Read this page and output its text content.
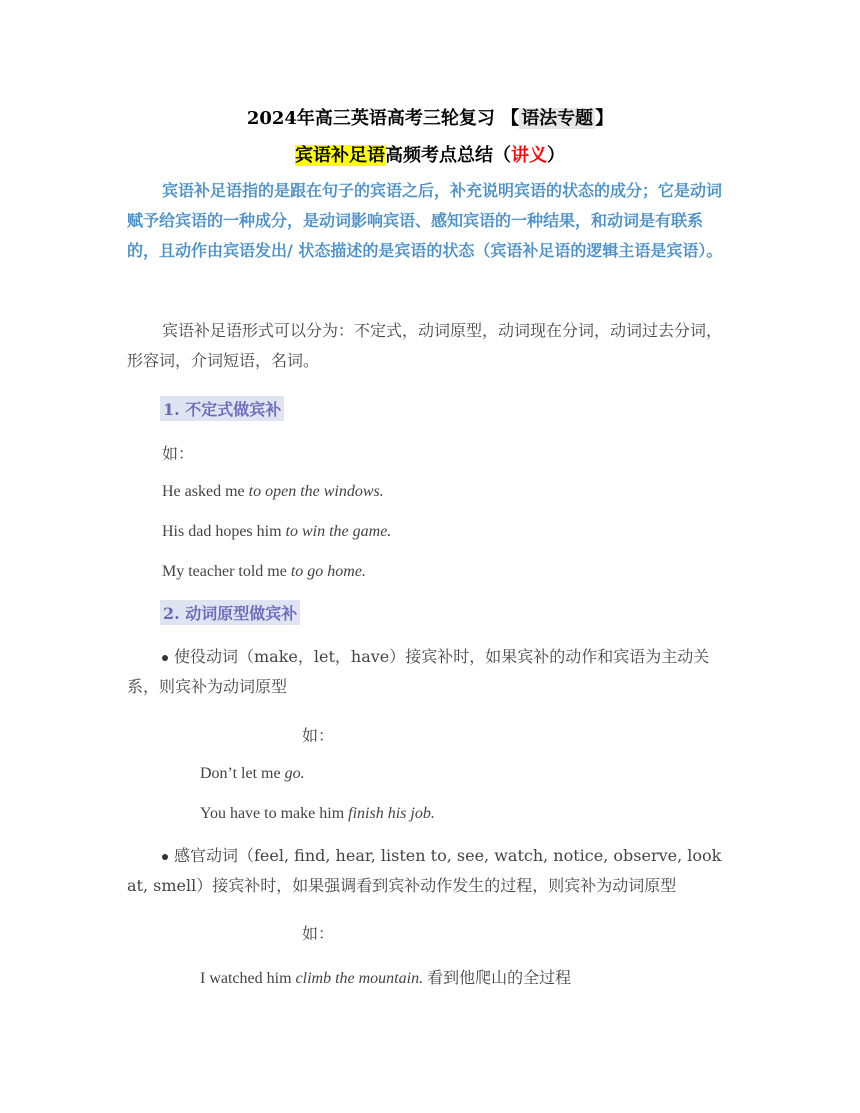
2024年高三英语高考三轮复习 【 语法专题 】
宾语补足语高频考点总结（讲义）
宾语补足语指的是跟在句子的宾语之后，补充说明宾语的状态的成分；它是动词赋予给宾语的一种成分，是动词影响宾语、感知宾语的一种结果，和动词是有联系的，且动作由宾语发出/ 状态描述的是宾语的状态（宾语补足语的逻辑主语是宾语）。
宾语补足语形式可以分为：不定式，动词原型，动词现在分词，动词过去分词，形容词，介词短语，名词。
1. 不定式做宾补
如：
He asked me to open the windows.
His dad hopes him to win the game.
My teacher told me to go home.
2. 动词原型做宾补
使役动词（make，let，have）接宾补时，如果宾补的动作和宾语为主动关系，则宾补为动词原型
如：
Don’t let me go.
You have to make him finish his job.
感官动词（feel, find, hear, listen to, see, watch, notice, observe, look at, smell）接宾补时，如果强调看到宾补动作发生的过程，则宾补为动词原型
如：
I watched him climb the mountain. 看到他爬山的全过程
